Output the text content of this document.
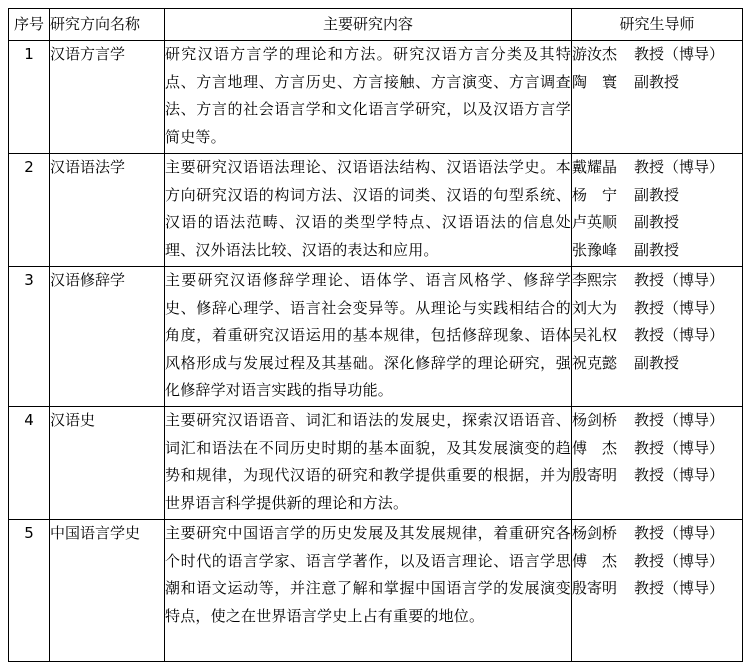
序号	研究方向名称	主要研究内容	研究生导师
1	汉语方言学	研究汉语方言学的理论和方法。研究汉语方言分类及其特点、方言地理、方言历史、方言接触、方言演变、方言调查法、方言的社会语言学和文化语言学研究，以及汉语方言学简史等。	游汝杰 教授（博导）
陶　寰 副教授

2	汉语语法学	主要研究汉语语法理论、汉语语法结构、汉语语法学史。本方向研究汉语的构词方法、汉语的词类、汉语的句型系统、汉语的语法范畴、汉语的类型学特点、汉语语法的信息处理、汉外语法比较、汉语的表达和应用。	戴耀晶 教授（博导）
杨　宁 副教授
卢英顺 副教授
张豫峰 副教授

3	汉语修辞学	主要研究汉语修辞学理论、语体学、语言风格学、修辞学史、修辞心理学、语言社会变异等。从理论与实践相结合的角度，着重研究汉语运用的基本规律，包括修辞现象、语体风格形成与发展过程及其基础。深化修辞学的理论研究，强化修辞学对语言实践的指导功能。	李熙宗 教授（博导）
刘大为 教授（博导）
吴礼权 教授（博导）
祝克懿 副教授

4	汉语史	主要研究汉语语音、词汇和语法的发展史，探索汉语语音、词汇和语法在不同历史时期的基本面貌，及其发展演变的趋势和规律，为现代汉语的研究和教学提供重要的根据，并为世界语言科学提供新的理论和方法。	杨剑桥 教授（博导）
傅　杰 教授（博导）
殷寄明 教授（博导）

5	中国语言学史	主要研究中国语言学的历史发展及其发展规律，着重研究各个时代的语言学家、语言学著作，以及语言理论、语言学思潮和语文运动等，并注意了解和掌握中国语言学的发展演变特点，使之在世界语言学史上占有重要的地位。	杨剑桥 教授（博导）
傅　杰 教授（博导）
殷寄明 教授（博导）
